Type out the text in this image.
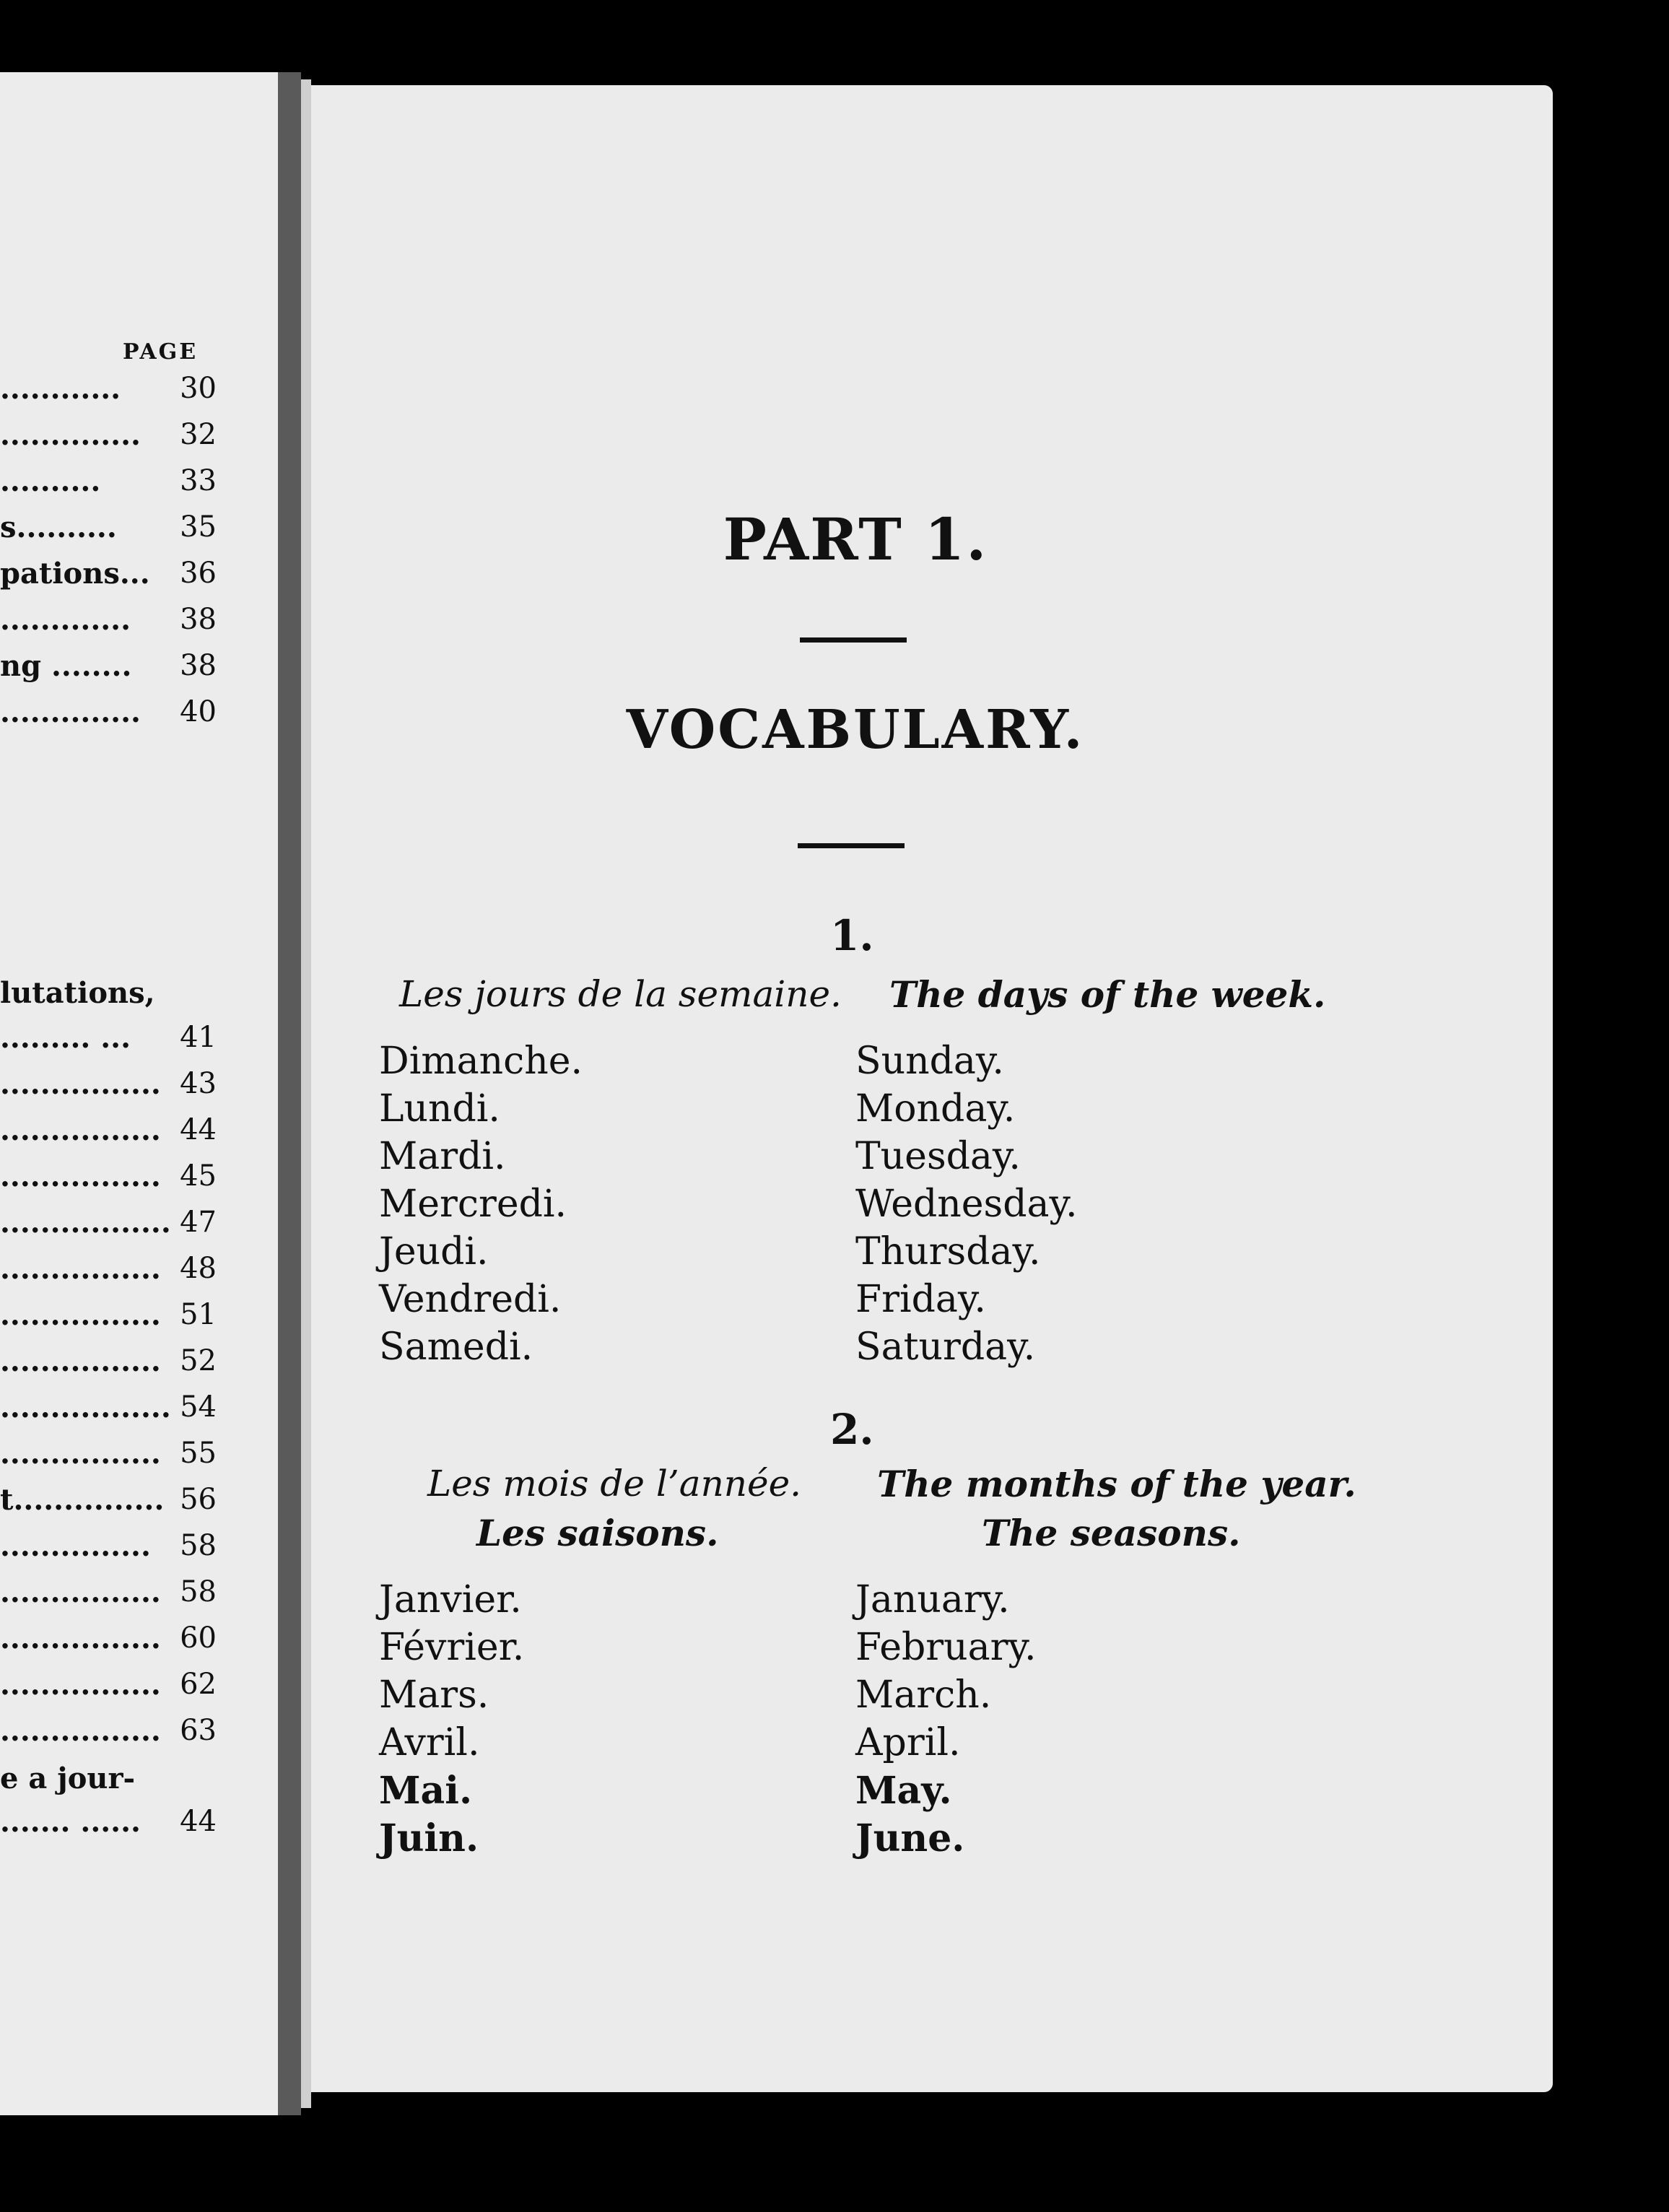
PAGE
............ 30
.............. 32
..........	33
s.......... 35
pations... 36
............. 38
ng ........ 38
.............. 40
lutations,
......... ... 41
................ 43
................ 44
................ 45
................. 47
................ 48
................ 51
................ 52
................. 54
................ 55
t............... 56
............... 58
................ 58
................ 60
................ 62
................ 63
e a jour-
....... ...... 44
PART 1.
VOCABULARY.
1.
Les jours de la semaine. The days of the week.
Dimanche.	Sunday.
Lundi.	Monday.
Mardi.	Tuesday.
Mercredi.	Wednesday.
Jeudi.	Thursday.
Vendredi.	Friday.
Samedi.	Saturday.
2.
Les mois de l’année.
Les saisons.
The months of the year.
The seasons.
Janvier.	January.
Février.	February.
Mars.	March.
Avril.	April.
Mai.	May.
Juin.	June.
